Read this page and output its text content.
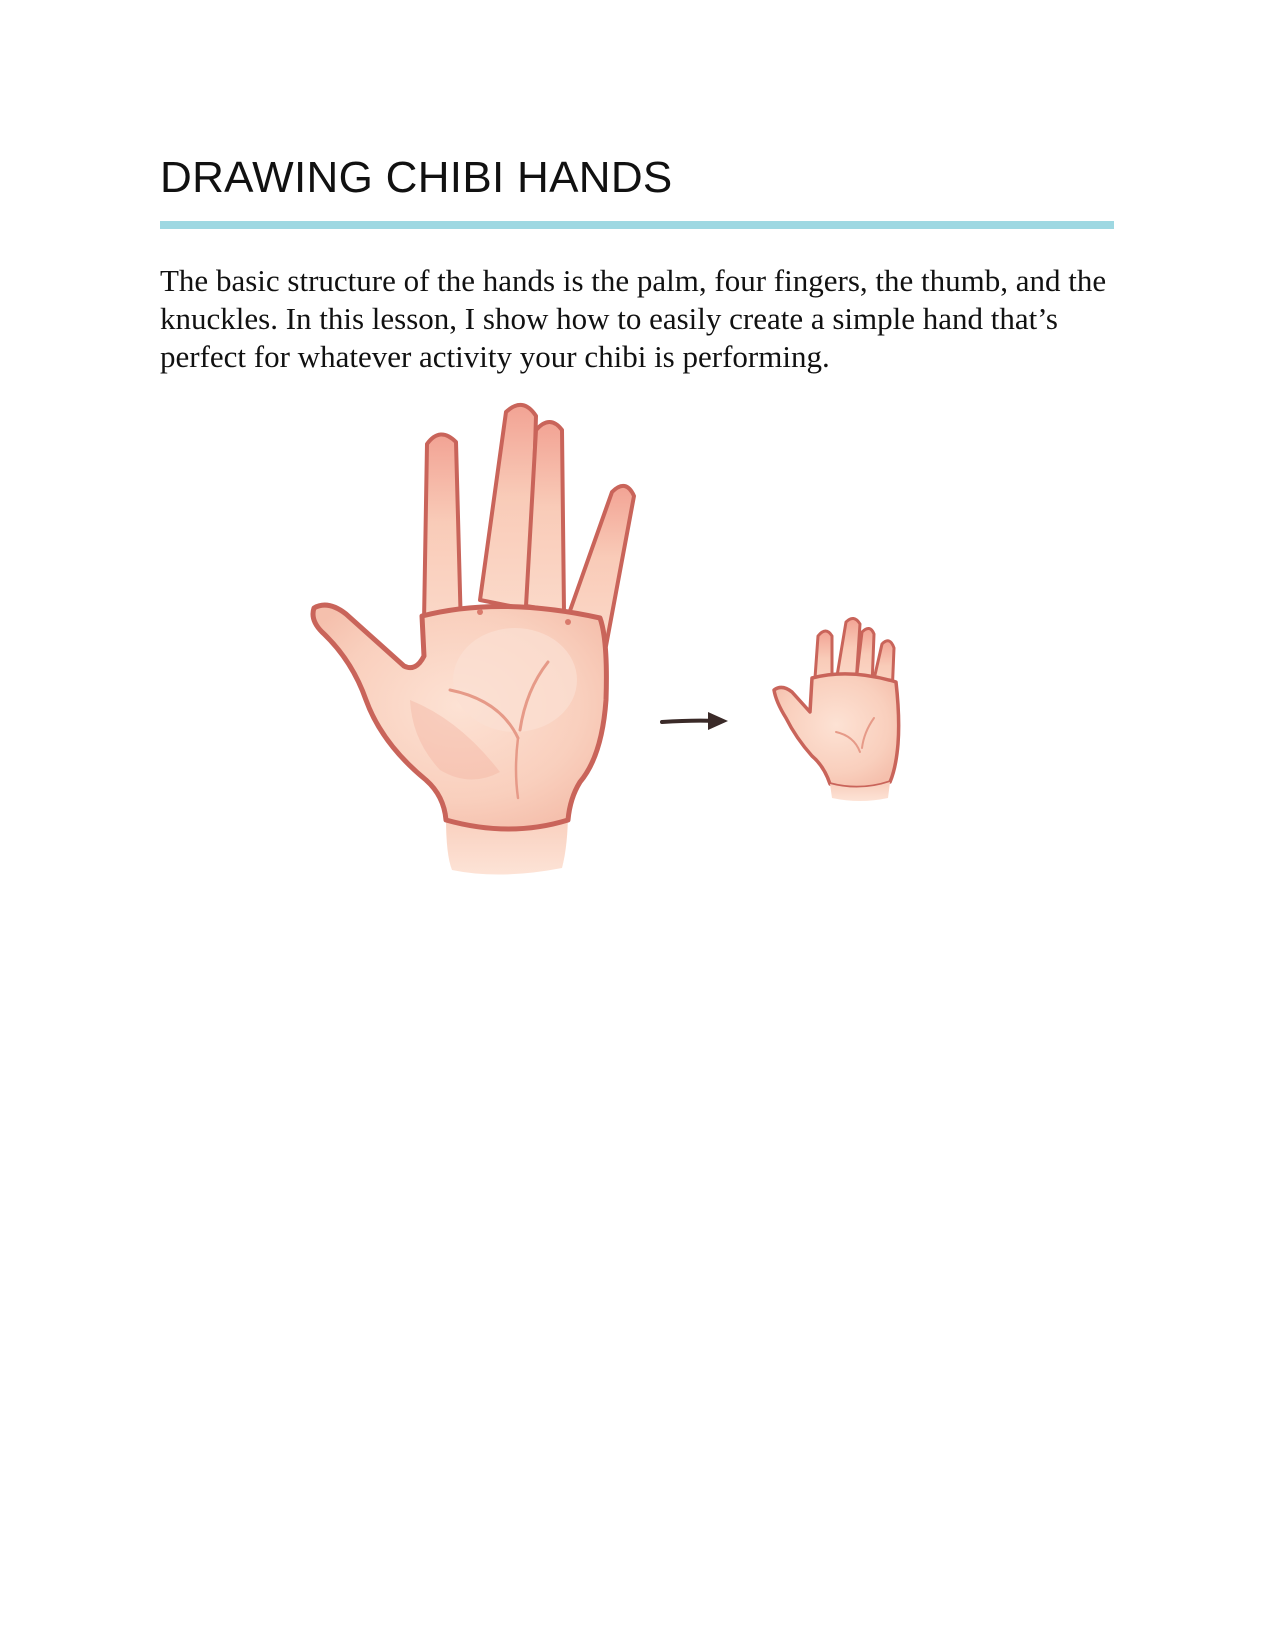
DRAWING CHIBI HANDS

The basic structure of the hands is the palm, four fingers, the thumb, and the knuckles. In this lesson, I show how to easily create a simple hand that’s perfect for whatever activity your chibi is performing.
